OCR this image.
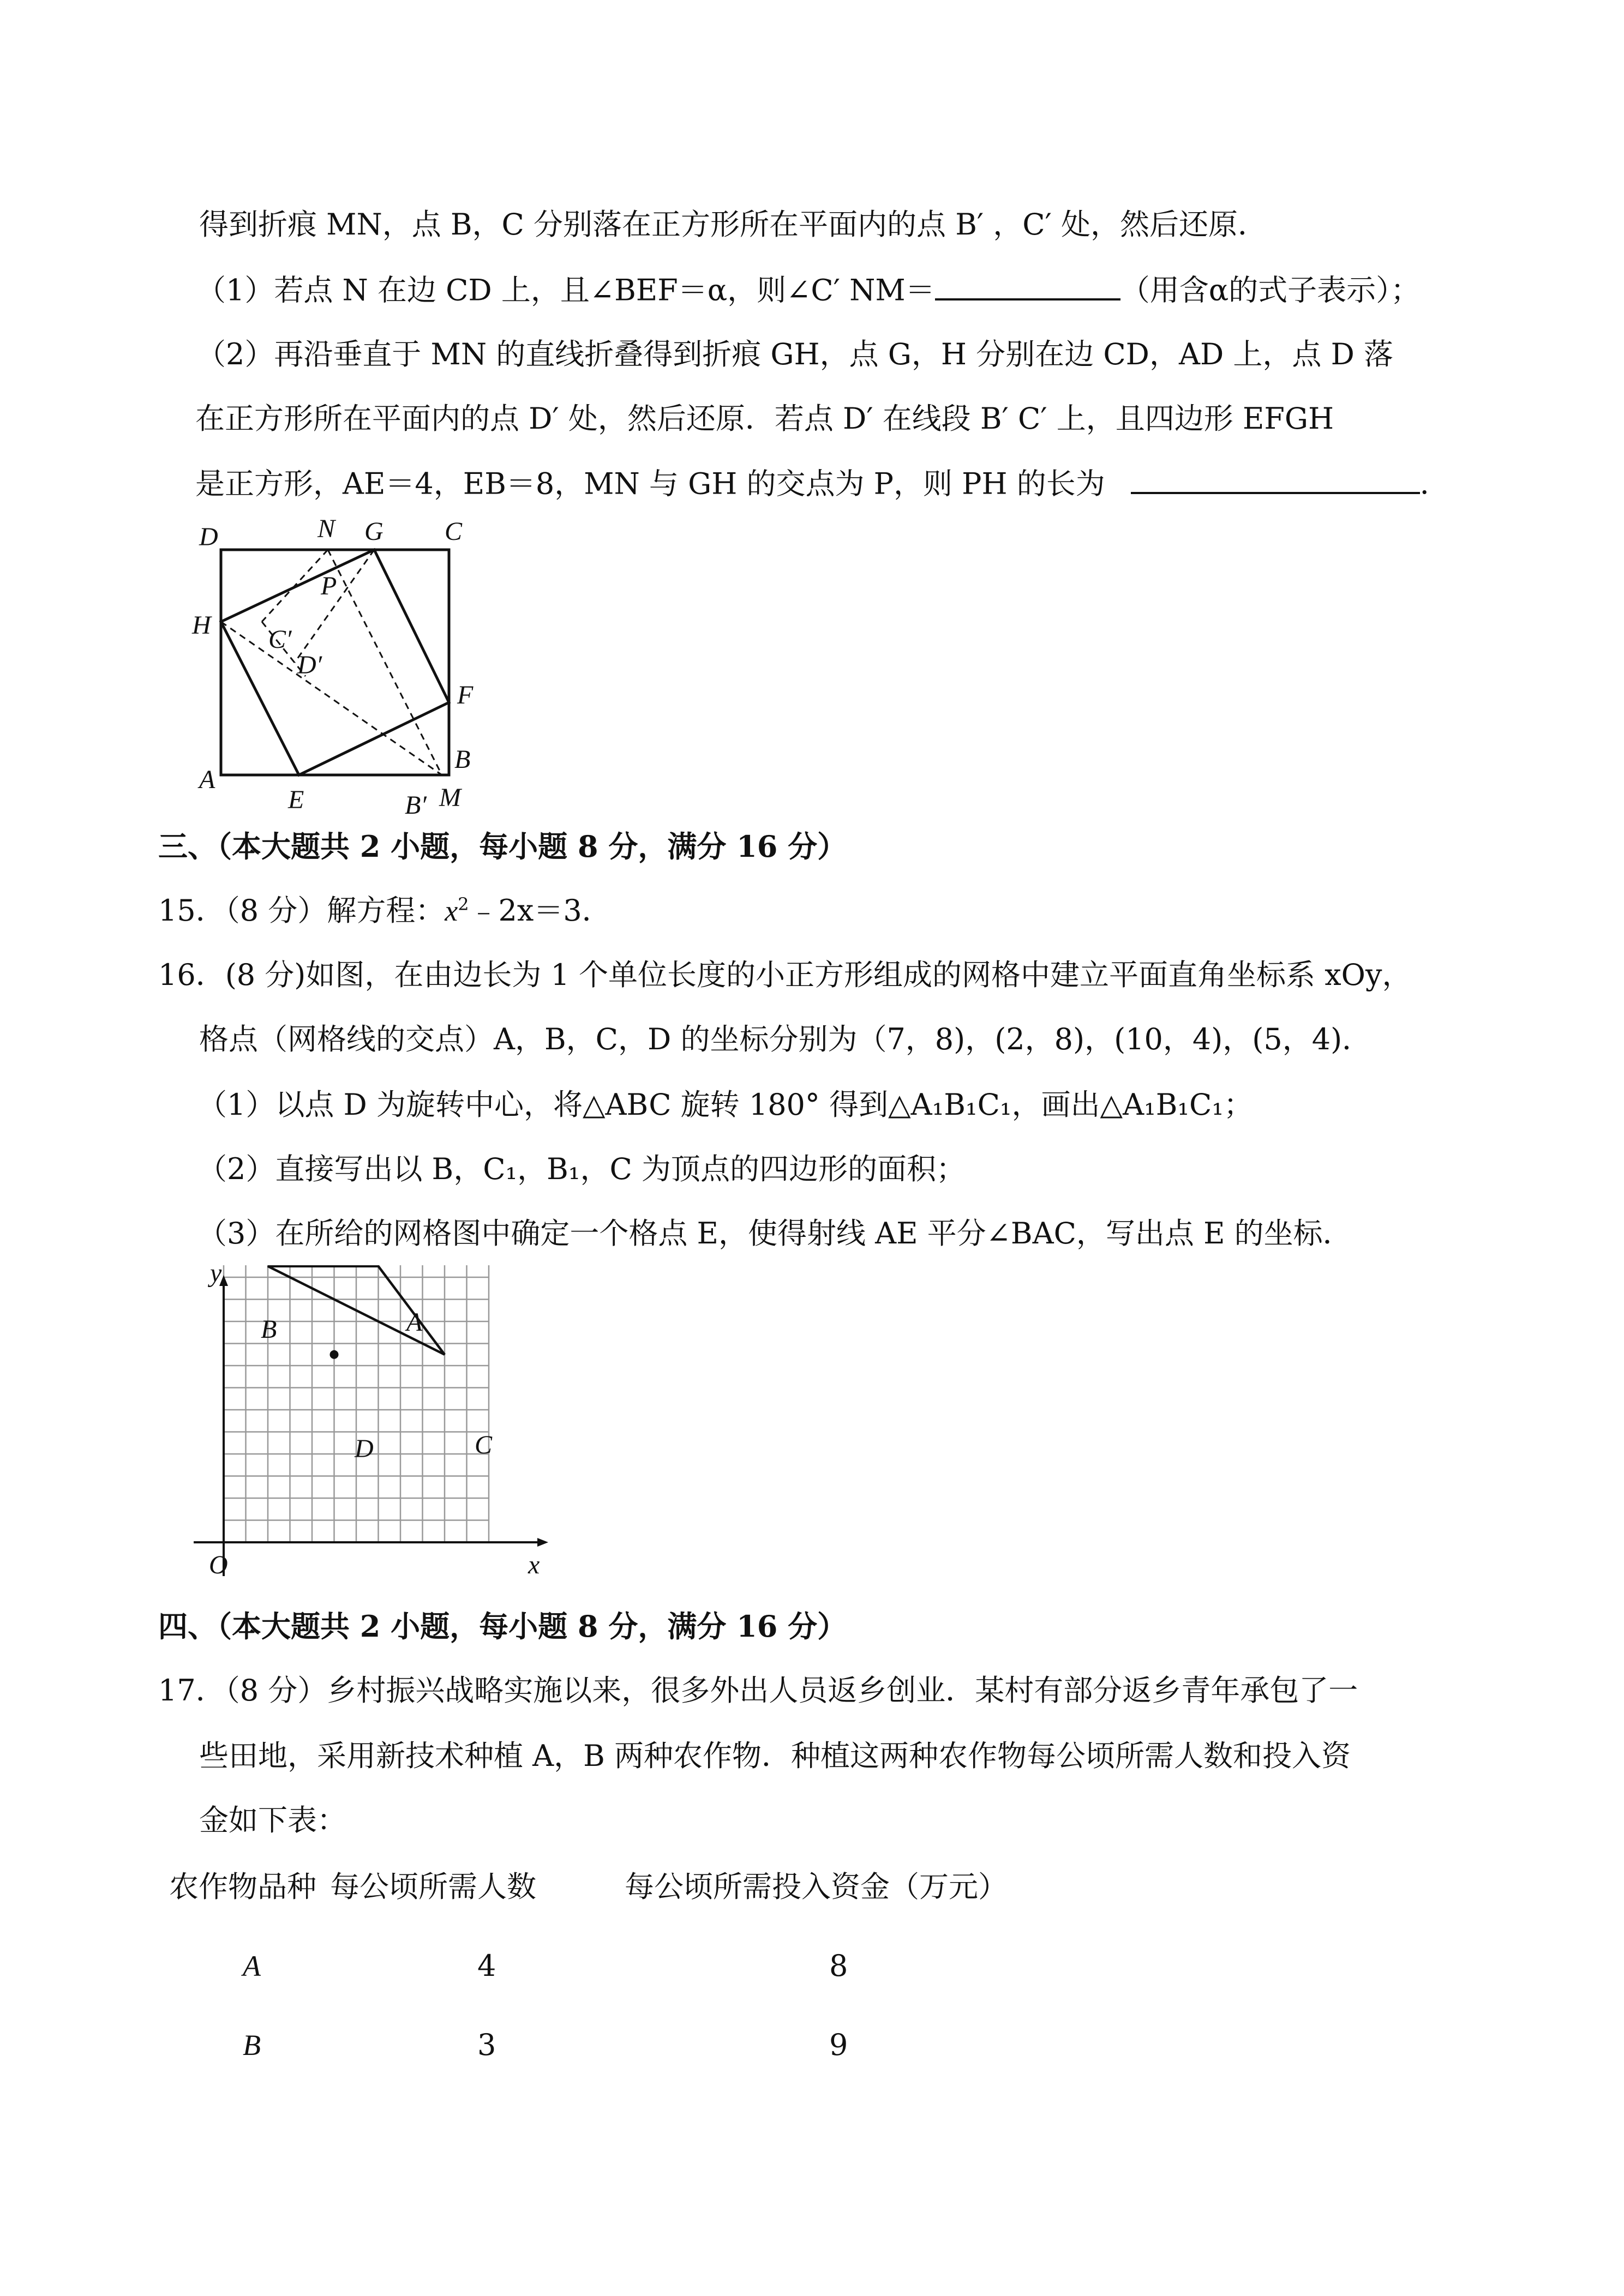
得到折痕 MN，点 B，C 分别落在正方形所在平面内的点 B′ ，C′ 处，然后还原．
（1）若点 N 在边 CD 上，且∠BEF＝α，则∠C′ NM＝	（用含α的式子表示）；
（2）再沿垂直于 MN 的直线折叠得到折痕 GH，点 G，H 分别在边 CD，AD 上，点 D 落
在正方形所在平面内的点 D′ 处，然后还原．若点 D′ 在线段 B′ C′ 上，且四边形 EFGH
是正方形，AE＝4，EB＝8，MN 与 GH 的交点为 P，则 PH 的长为	．
D	N G C
P
H C′
D′
F
A
E
B
B′ M
三、（本大题共 2 小题，每小题 8 分，满分 16 分）
15．（8 分）解方程：$x^2﹣2x=3$．
16．(8 分)如图，在由边长为 1 个单位长度的小正方形组成的网格中建立平面直角坐标系 xOy，
格点（网格线的交点）A，B，C，D 的坐标分别为（7，8)，(2，8)，(10，4)，(5，4)．
（1）以点 D 为旋转中心，将△ABC 旋转 180° 得到△A₁B₁C₁，画出△A₁B₁C₁；
（2）直接写出以 B，C₁，B₁，C 为顶点的四边形的面积；
（3）在所给的网格图中确定一个格点 E，使得射线 AE 平分∠BAC，写出点 E 的坐标．
y
x
O
A
B
C
D
四、（本大题共 2 小题，每小题 8 分，满分 16 分）
17．（8 分）乡村振兴战略实施以来，很多外出人员返乡创业．某村有部分返乡青年承包了一
些田地，采用新技术种植 A，B 两种农作物．种植这两种农作物每公顷所需人数和投入资
金如下表：
农作物品种 每公顷所需人数	每公顷所需投入资金（万元）
A	4	8
B	3	9
